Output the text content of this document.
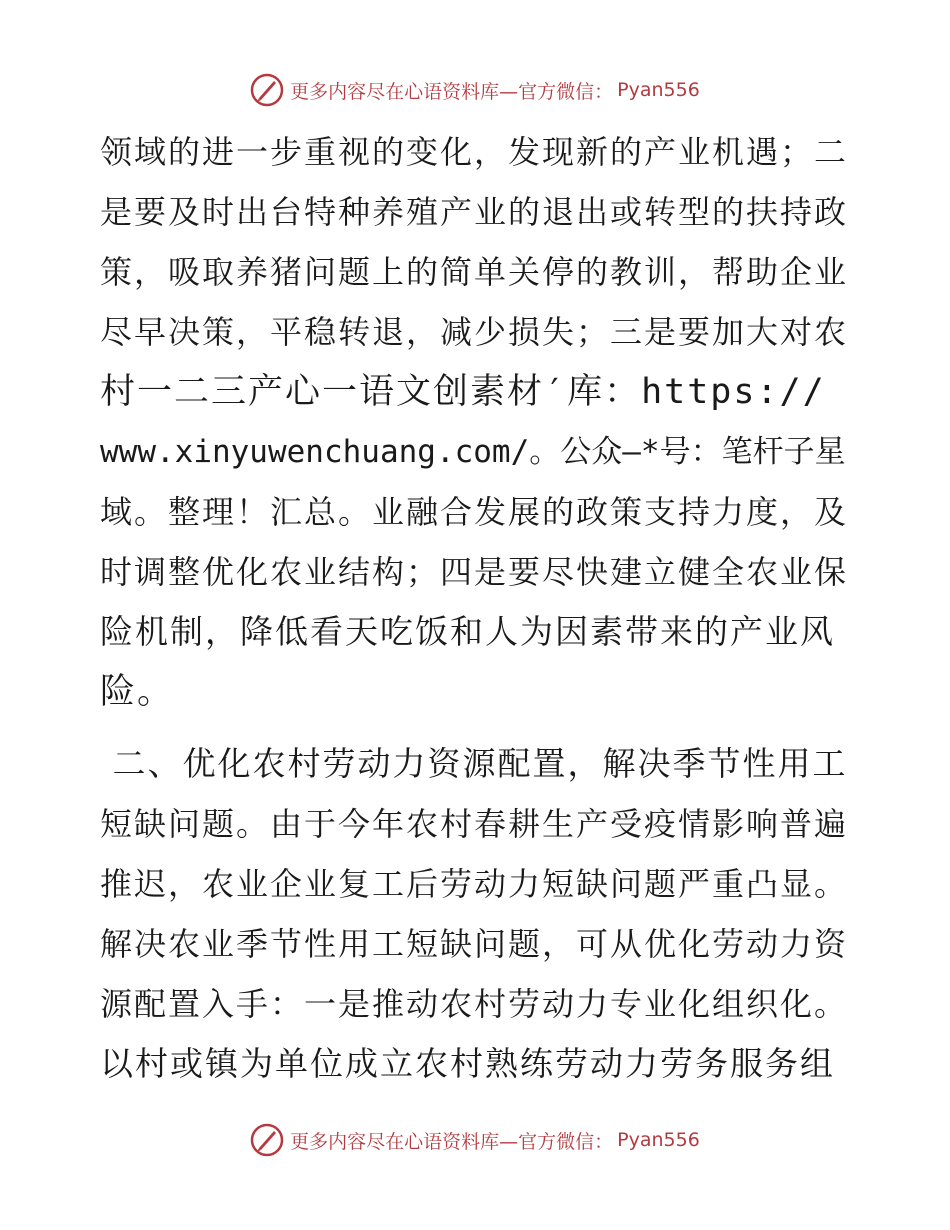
更多内容尽在心语资料库—官方微信： Pyan556
领域的进一步重视的变化，发现新的产业机遇；二
是要及时出台特种养殖产业的退出或转型的扶持政
策，吸取养猪问题上的简单关停的教训，帮助企业
尽早决策，平稳转退，减少损失；三是要加大对农
村一二三产心一语文创素材′库：https://
www.xinyuwenchuang.com/。公众—*号：笔杆子星
域。整理！汇总。业融合发展的政策支持力度，及
时调整优化农业结构；四是要尽快建立健全农业保
险机制，降低看天吃饭和人为因素带来的产业风
险。
二、优化农村劳动力资源配置，解决季节性用工
短缺问题。由于今年农村春耕生产受疫情影响普遍
推迟，农业企业复工后劳动力短缺问题严重凸显。
解决农业季节性用工短缺问题，可从优化劳动力资
源配置入手：一是推动农村劳动力专业化组织化。
以村或镇为单位成立农村熟练劳动力劳务服务组
更多内容尽在心语资料库—官方微信： Pyan556
